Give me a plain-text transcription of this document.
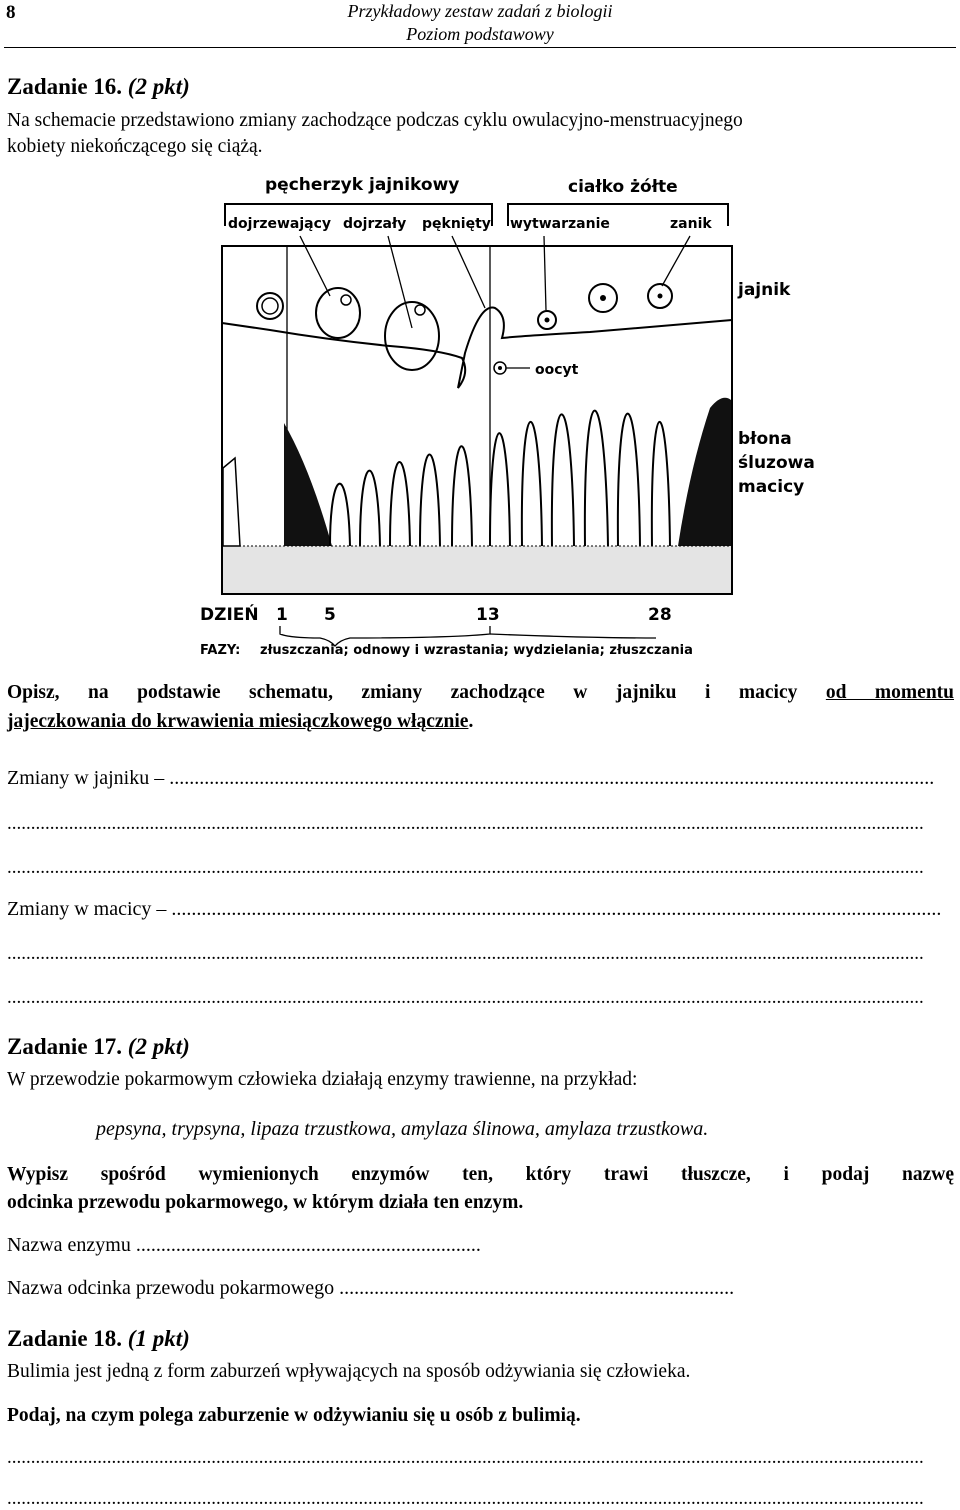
8	Przykładowy zestaw zadań z biologii
Poziom podstawowy
Zadanie 16. (2 pkt)
Na schemacie przedstawiono zmiany zachodzące podczas cyklu owulacyjno-menstruacyjnego
kobiety niekończącego się ciążą.
pęcherzyk jajnikowy	ciałko żółte
dojrzewający dojrzały pęknięty wytwarzanie	zanik
oocyt
jajnik
błona
śluzowa
macicy
DZIEŃ 1 5	13	28
FAZY: złuszczania; odnowy i wzrastania; wydzielania; złuszczania
Opisz, na podstawie schematu, zmiany zachodzące w jajniku i macicy od momentu
jajeczkowania do krwawienia miesiączkowego włącznie.
Zmiany w jajniku – .........................................................................................................................................................
.................................................................................................................................................................................................
.................................................................................................................................................................................................
Zmiany w macicy – ..........................................................................................................................................................
.................................................................................................................................................................................................
.................................................................................................................................................................................................
Zadanie 17. (2 pkt)
W przewodzie pokarmowym człowieka działają enzymy trawienne, na przykład:
pepsyna, trypsyna, lipaza trzustkowa, amylaza ślinowa, amylaza trzustkowa.
Wypisz spośród wymienionych enzymów ten, który trawi tłuszcze, i podaj nazwę
odcinka przewodu pokarmowego, w którym działa ten enzym.
Nazwa enzymu .....................................................................
Nazwa odcinka przewodu pokarmowego ...............................................................................
Zadanie 18. (1 pkt)
Bulimia jest jedną z form zaburzeń wpływających na sposób odżywiania się człowieka.
Podaj, na czym polega zaburzenie w odżywianiu się u osób z bulimią.
.................................................................................................................................................................................................
.................................................................................................................................................................................................
